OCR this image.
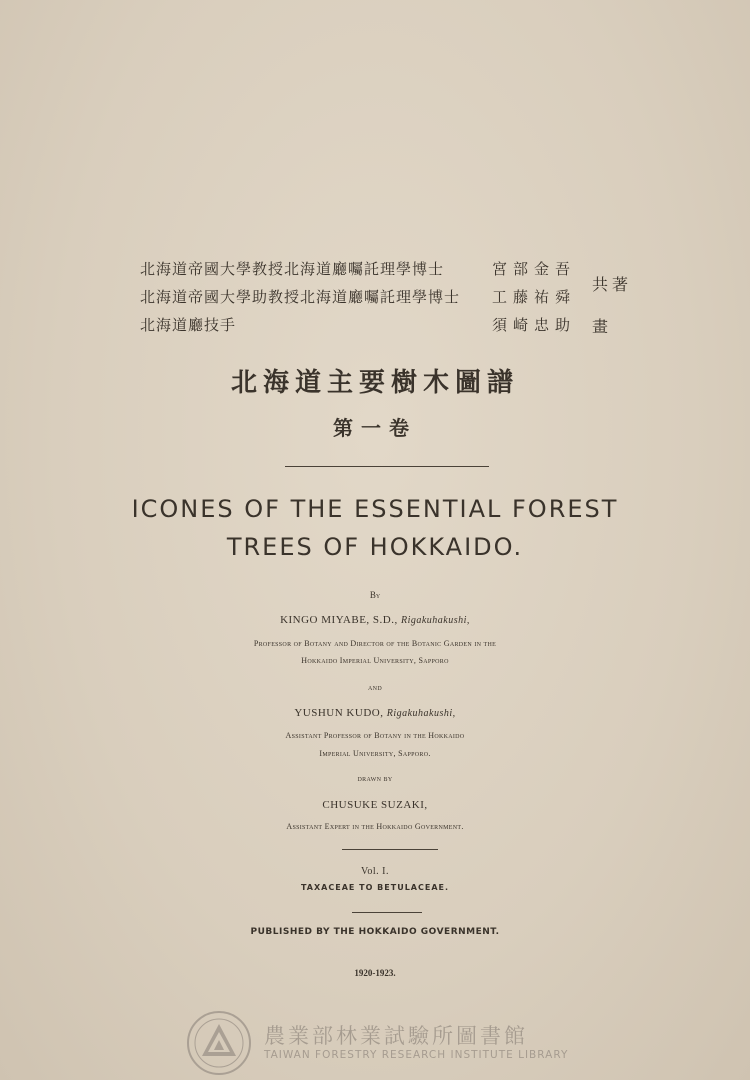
北海道帝國大學教授北海道廳囑託理學博士	宮部金吾
北海道帝國大學助教授北海道廳囑託理學博士 工藤祐舜
北海道廳技手	須崎忠助
共著
畫
北海道主要樹木圖譜
第一卷
ICONES OF THE ESSENTIAL FOREST
TREES OF HOKKAIDO.
By
KINGO MIYABE, S.D., Rigakuhakushi,
Professor of Botany and Director of the Botanic Garden in the
Hokkaido Imperial University, Sapporo
and
YUSHUN KUDO, Rigakuhakushi,
Assistant Professor of Botany in the Hokkaido
Imperial University, Sapporo.
drawn by
CHUSUKE SUZAKI,
Assistant Expert in the Hokkaido Government.
Vol. I.
TAXACEAE TO BETULACEAE.
PUBLISHED BY THE HOKKAIDO GOVERNMENT.
1920-1923.
農業部林業試驗所圖書館
TAIWAN FORESTRY RESEARCH INSTITUTE LIBRARY
